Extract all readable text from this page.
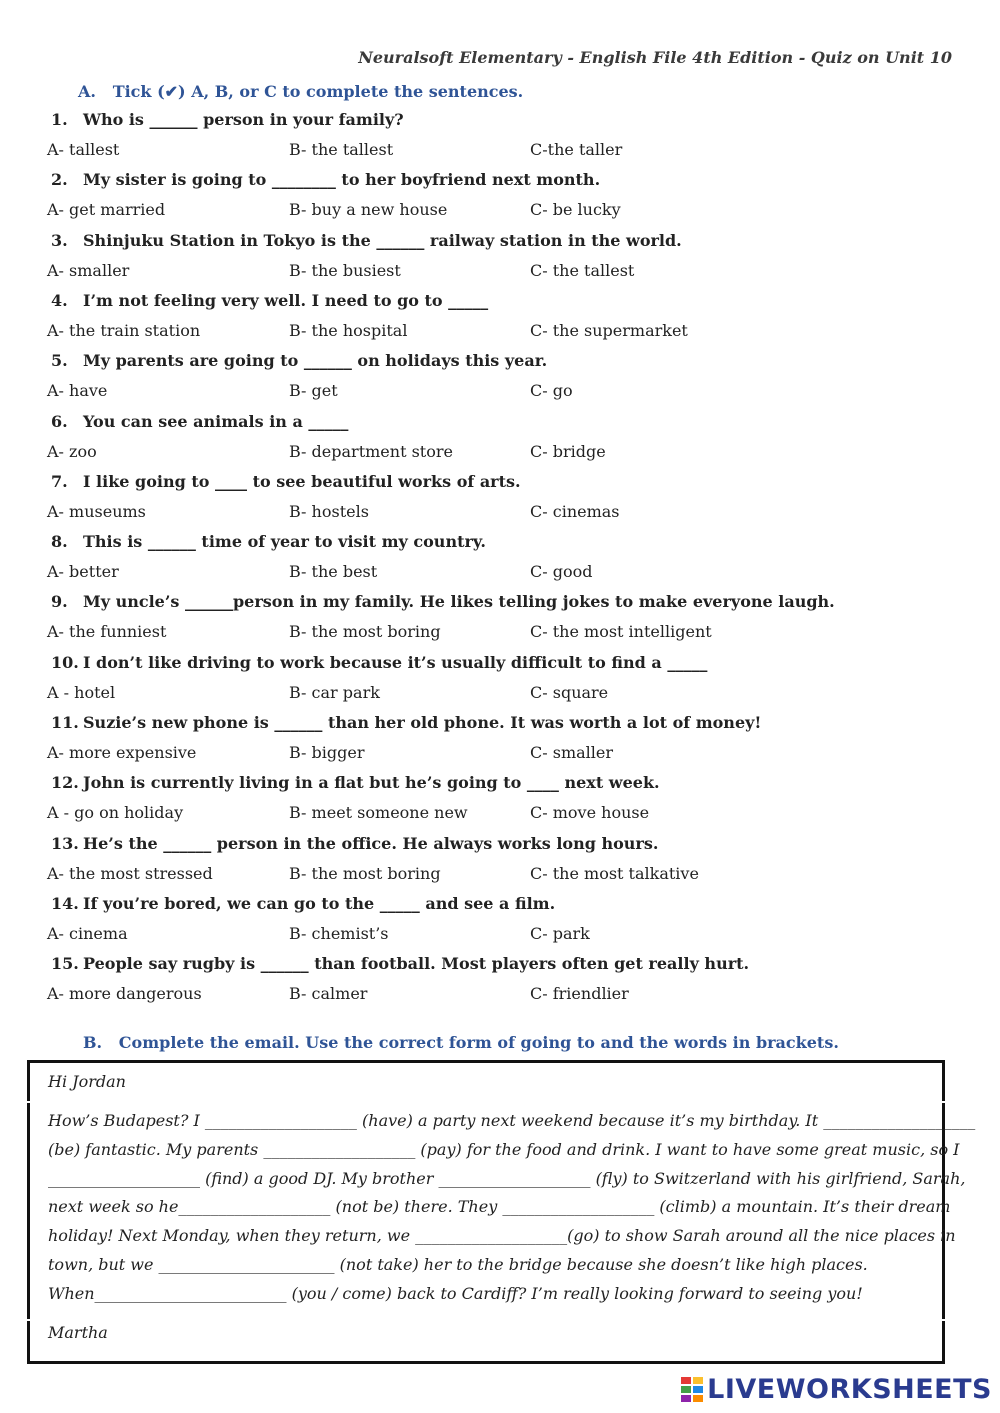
Neuralsoft Elementary - English File 4th Edition - Quiz on Unit 10
A.   Tick (✔) A, B, or C to complete the sentences.
1. Who is ______ person in your family?
A- tallest	B- the tallest	C-the taller
2. My sister is going to ________ to her boyfriend next month.
A- get married	B- buy a new house	C- be lucky
3. Shinjuku Station in Tokyo is the ______ railway station in the world.
A- smaller	B- the busiest	C- the tallest
4. I’m not feeling very well. I need to go to _____
A- the train station	B- the hospital	C- the supermarket
5. My parents are going to ______ on holidays this year.
A- have	B- get	C- go
6. You can see animals in a _____
A- zoo	B- department store	C- bridge
7. I like going to ____ to see beautiful works of arts.
A- museums	B- hostels	C- cinemas
8. This is ______ time of year to visit my country.
A- better	B- the best	C- good
9. My uncle’s ______person in my family. He likes telling jokes to make everyone laugh.
A- the funniest	B- the most boring	C- the most intelligent
10. I don’t like driving to work because it’s usually difficult to find a _____
A - hotel	B- car park	C- square
11. Suzie’s new phone is ______ than her old phone. It was worth a lot of money!
A- more expensive	B- bigger	C- smaller
12. John is currently living in a flat but he’s going to ____ next week.
A - go on holiday	B- meet someone new	C- move house
13. He’s the ______ person in the office. He always works long hours.
A- the most stressed	B- the most boring	C- the most talkative
14. If you’re bored, we can go to the _____ and see a film.
A- cinema	B- chemist’s	C- park
15. People say rugby is ______ than football. Most players often get really hurt.
A- more dangerous	B- calmer	C- friendlier
B.   Complete the email. Use the correct form of going to and the words in brackets.
Hi Jordan
How’s Budapest? I ___________________ (have) a party next weekend because it’s my birthday. It ___________________
(be) fantastic. My parents ___________________ (pay) for the food and drink. I want to have some great music, so I
___________________ (find) a good DJ. My brother ___________________ (fly) to Switzerland with his girlfriend, Sarah,
next week so he___________________ (not be) there. They ___________________ (climb) a mountain. It’s their dream
holiday! Next Monday, when they return, we ___________________(go) to show Sarah around all the nice places in
town, but we ______________________ (not take) her to the bridge because she doesn’t like high places.
When________________________ (you / come) back to Cardiff? I’m really looking forward to seeing you!
Martha
LIVEWORKSHEETS
